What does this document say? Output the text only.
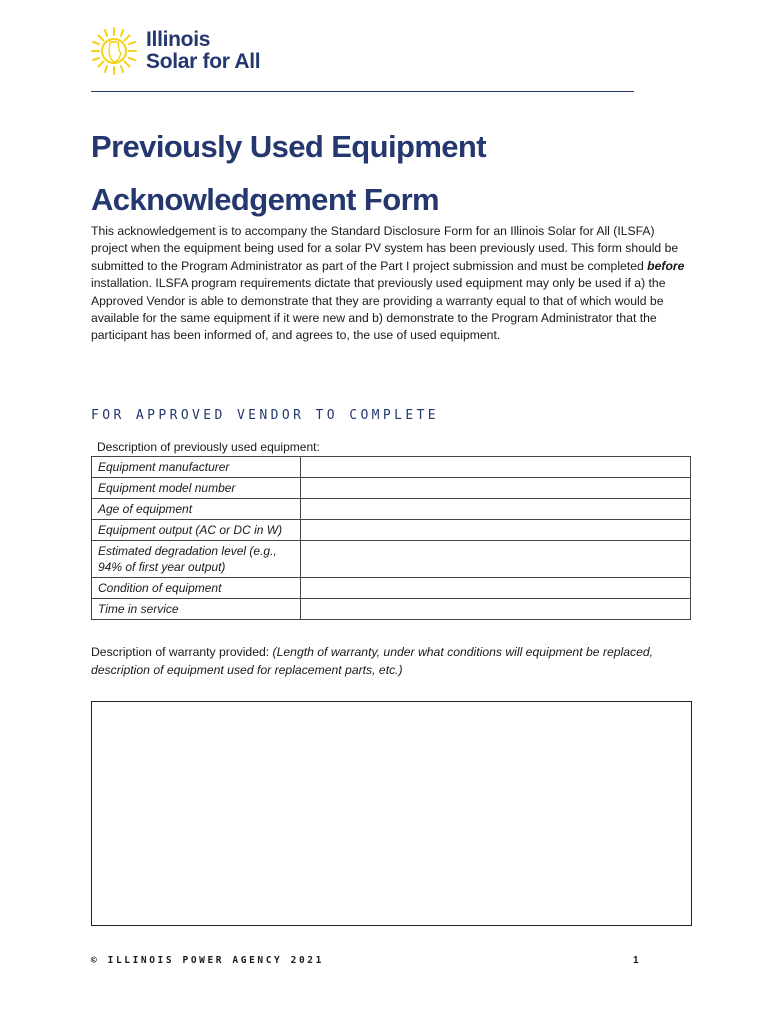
Illinois
Solar for All
Previously Used Equipment
Acknowledgement Form

This acknowledgement is to accompany the Standard Disclosure Form for an Illinois Solar for All (ILSFA) project when the equipment being used for a solar PV system has been previously used. This form should be submitted to the Program Administrator as part of the Part I project submission and must be completed before installation. ILSFA program requirements dictate that previously used equipment may only be used if a) the Approved Vendor is able to demonstrate that they are providing a warranty equal to that of which would be available for the same equipment if it were new and b) demonstrate to the Program Administrator that the participant has been informed of, and agrees to, the use of used equipment.

FOR APPROVED VENDOR TO COMPLETE
Description of previously used equipment:
Equipment manufacturer	
Equipment model number	
Age of equipment	
Equipment output (AC or DC in W)	
Estimated degradation level (e.g., 94% of first year output)	
Condition of equipment	
Time in service	

Description of warranty provided: (Length of warranty, under what conditions will equipment be replaced, description of equipment used for replacement parts, etc.)

© ILLINOIS POWER AGENCY 2021	1
